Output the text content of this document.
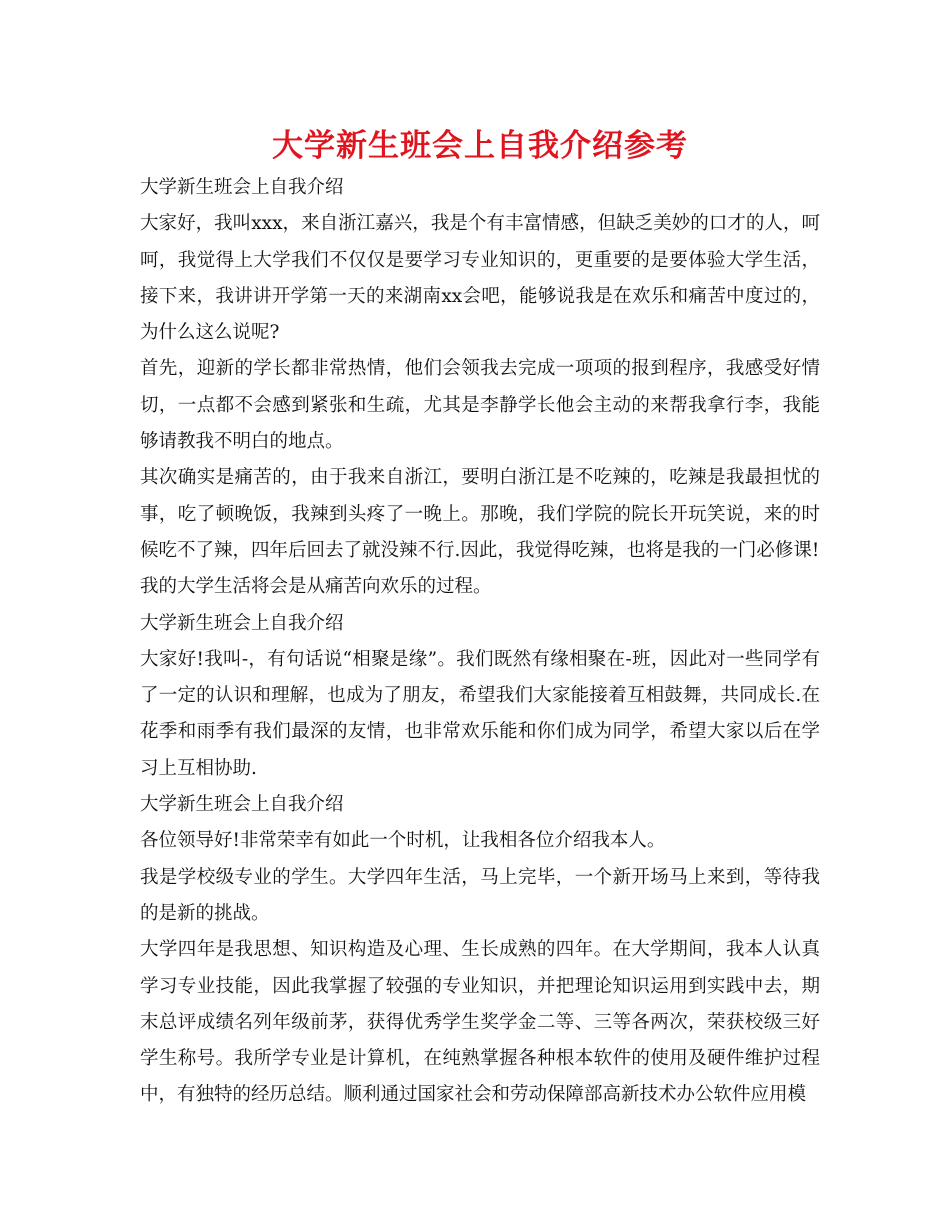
大学新生班会上自我介绍参考

大学新生班会上自我介绍

大家好，我叫xxx，来自浙江嘉兴，我是个有丰富情感，但缺乏美妙的口才的人，呵呵，我觉得上大学我们不仅仅是要学习专业知识的，更重要的是要体验大学生活，接下来，我讲讲开学第一天的来湖南xx会吧，能够说我是在欢乐和痛苦中度过的，为什么这么说呢?

首先，迎新的学长都非常热情，他们会领我去完成一项项的报到程序，我感受好情切，一点都不会感到紧张和生疏，尤其是李静学长他会主动的来帮我拿行李，我能够请教我不明白的地点。

其次确实是痛苦的，由于我来自浙江，要明白浙江是不吃辣的，吃辣是我最担忧的事，吃了顿晚饭，我辣到头疼了一晚上。那晚，我们学院的院长开玩笑说，来的时候吃不了辣，四年后回去了就没辣不行.因此，我觉得吃辣，也将是我的一门必修课!

我的大学生活将会是从痛苦向欢乐的过程。

大学新生班会上自我介绍

大家好!我叫-，有句话说“相聚是缘”。我们既然有缘相聚在-班，因此对一些同学有了一定的认识和理解，也成为了朋友，希望我们大家能接着互相鼓舞，共同成长.在花季和雨季有我们最深的友情，也非常欢乐能和你们成为同学，希望大家以后在学习上互相协助.

大学新生班会上自我介绍

各位领导好!非常荣幸有如此一个时机，让我相各位介绍我本人。

我是学校级专业的学生。大学四年生活，马上完毕，一个新开场马上来到，等待我的是新的挑战。

大学四年是我思想、知识构造及心理、生长成熟的四年。在大学期间，我本人认真学习专业技能，因此我掌握了较强的专业知识，并把理论知识运用到实践中去，期末总评成绩名列年级前茅，获得优秀学生奖学金二等、三等各两次，荣获校级三好学生称号。我所学专业是计算机，在纯熟掌握各种根本软件的使用及硬件维护过程中，有独特的经历总结。顺利通过国家社会和劳动保障部高新技术办公软件应用模
